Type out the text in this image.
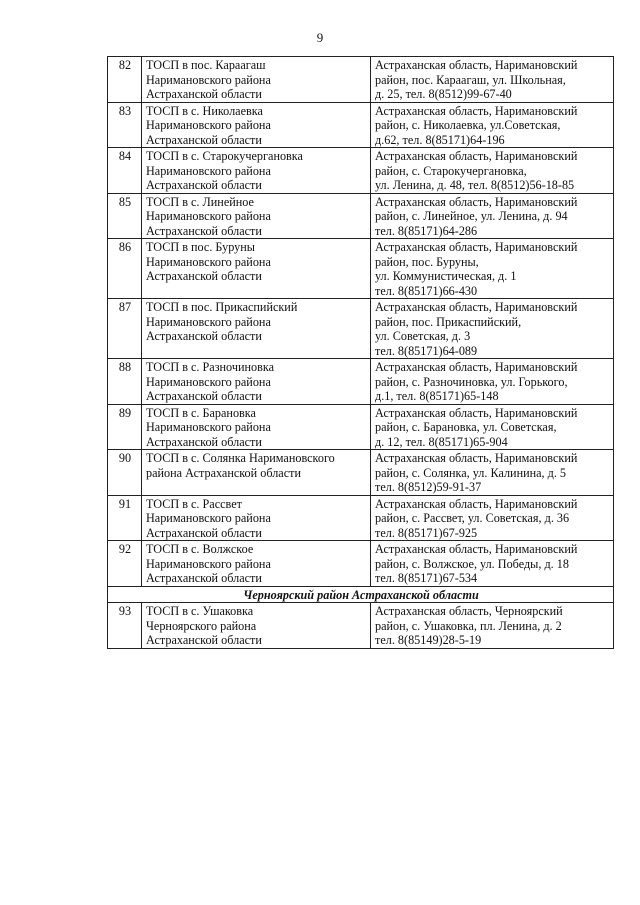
9
82	ТОСП в пос. Караагаш
Наримановского района
Астраханской области	Астраханская область, Наримановский
район, пос. Караагаш, ул. Школьная,
д. 25, тел. 8(8512)99-67-40

83	ТОСП в с. Николаевка
Наримановского района
Астраханской области	Астраханская область, Наримановский
район, с. Николаевка, ул.Советская,
д.62, тел. 8(85171)64-196

84	ТОСП в с. Старокучергановка
Наримановского района
Астраханской области	Астраханская область, Наримановский
район, с. Старокучергановка,
ул. Ленина, д. 48, тел. 8(8512)56-18-85

85	ТОСП в с. Линейное
Наримановского района
Астраханской области	Астраханская область, Наримановский
район, с. Линейное, ул. Ленина, д. 94
тел. 8(85171)64-286

86	ТОСП в пос. Буруны
Наримановского района
Астраханской области	Астраханская область, Наримановский
район, пос. Буруны,
ул. Коммунистическая, д. 1
тел. 8(85171)66-430

87	ТОСП в пос. Прикаспийский
Наримановского района
Астраханской области	Астраханская область, Наримановский
район, пос. Прикаспийский,
ул. Советская, д. 3
тел. 8(85171)64-089

88	ТОСП в с. Разночиновка
Наримановского района
Астраханской области	Астраханская область, Наримановский
район, с. Разночиновка, ул. Горького,
д.1, тел. 8(85171)65-148

89	ТОСП в с. Барановка
Наримановского района
Астраханской области	Астраханская область, Наримановский
район, с. Барановка, ул. Советская,
д. 12, тел. 8(85171)65-904

90	ТОСП в с. Солянка Наримановского
района Астраханской области	Астраханская область, Наримановский
район, с. Солянка, ул. Калинина, д. 5
тел. 8(8512)59-91-37

91	ТОСП в с. Рассвет
Наримановского района
Астраханской области	Астраханская область, Наримановский
район, с. Рассвет, ул. Советская, д. 36
тел. 8(85171)67-925

92	ТОСП в с. Волжское
Наримановского района
Астраханской области	Астраханская область, Наримановский
район, с. Волжское, ул. Победы, д. 18
тел. 8(85171)67-534

Черноярский район Астраханской области		
93	ТОСП в с. Ушаковка
Черноярского района
Астраханской области	Астраханская область, Черноярский
район, с. Ушаковка, пл. Ленина, д. 2
тел. 8(85149)28-5-19
